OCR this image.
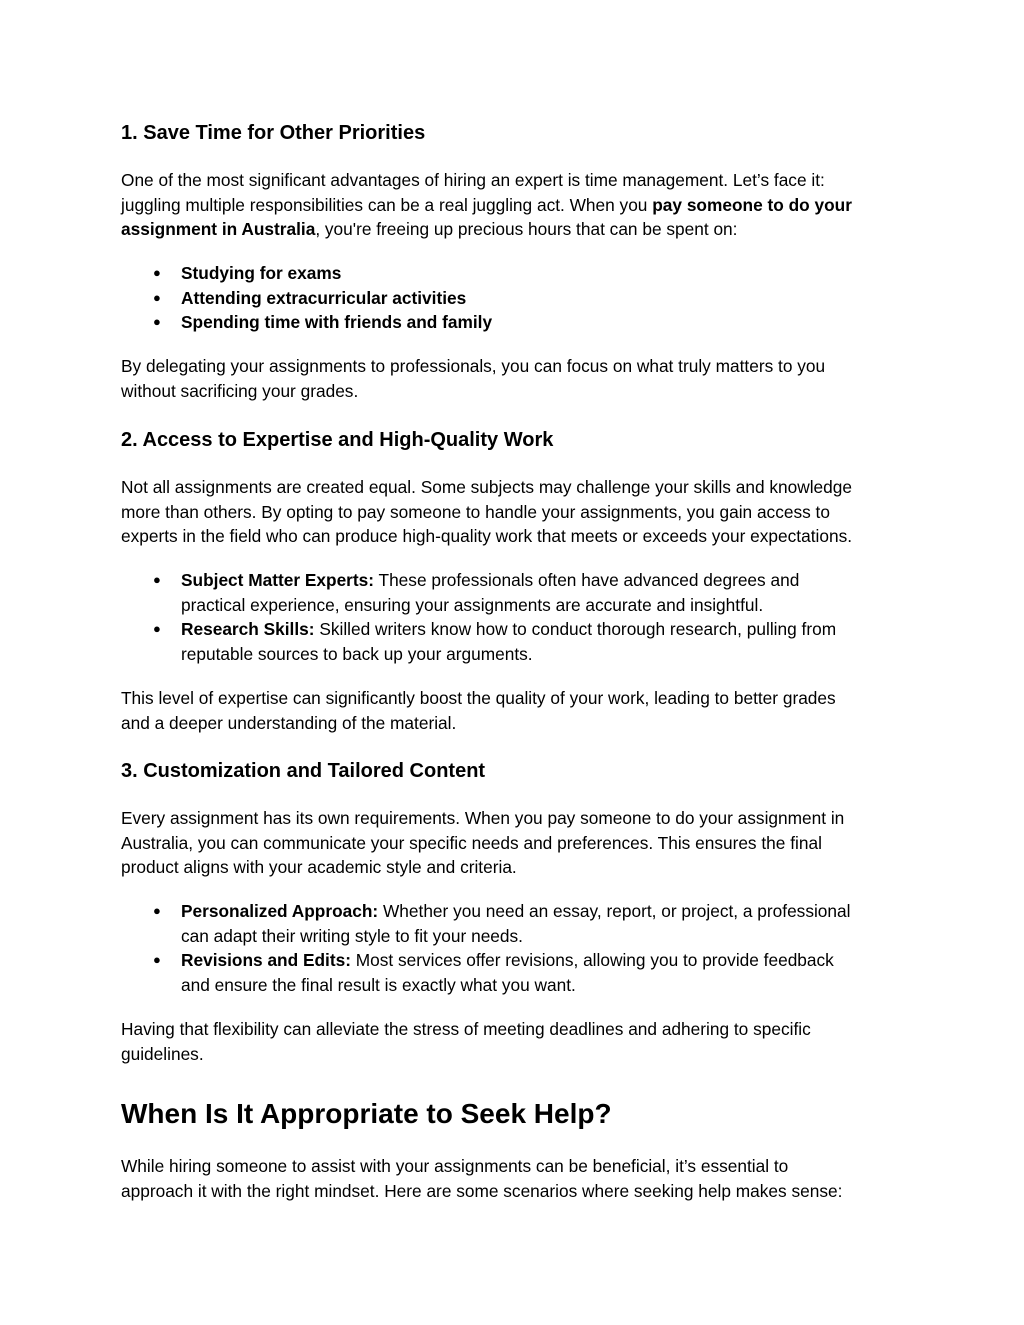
1. Save Time for Other Priorities

One of the most significant advantages of hiring an expert is time management. Let’s face it:
juggling multiple responsibilities can be a real juggling act. When you pay someone to do your
assignment in Australia, you're freeing up precious hours that can be spent on:

● Studying for exams
● Attending extracurricular activities
● Spending time with friends and family

By delegating your assignments to professionals, you can focus on what truly matters to you
without sacrificing your grades.

2. Access to Expertise and High-Quality Work

Not all assignments are created equal. Some subjects may challenge your skills and knowledge
more than others. By opting to pay someone to handle your assignments, you gain access to
experts in the field who can produce high-quality work that meets or exceeds your expectations.

● Subject Matter Experts: These professionals often have advanced degrees and
practical experience, ensuring your assignments are accurate and insightful.
● Research Skills: Skilled writers know how to conduct thorough research, pulling from
reputable sources to back up your arguments.

This level of expertise can significantly boost the quality of your work, leading to better grades
and a deeper understanding of the material.

3. Customization and Tailored Content

Every assignment has its own requirements. When you pay someone to do your assignment in
Australia, you can communicate your specific needs and preferences. This ensures the final
product aligns with your academic style and criteria.

● Personalized Approach: Whether you need an essay, report, or project, a professional
can adapt their writing style to fit your needs.
● Revisions and Edits: Most services offer revisions, allowing you to provide feedback
and ensure the final result is exactly what you want.

Having that flexibility can alleviate the stress of meeting deadlines and adhering to specific
guidelines.

When Is It Appropriate to Seek Help?

While hiring someone to assist with your assignments can be beneficial, it’s essential to
approach it with the right mindset. Here are some scenarios where seeking help makes sense:
